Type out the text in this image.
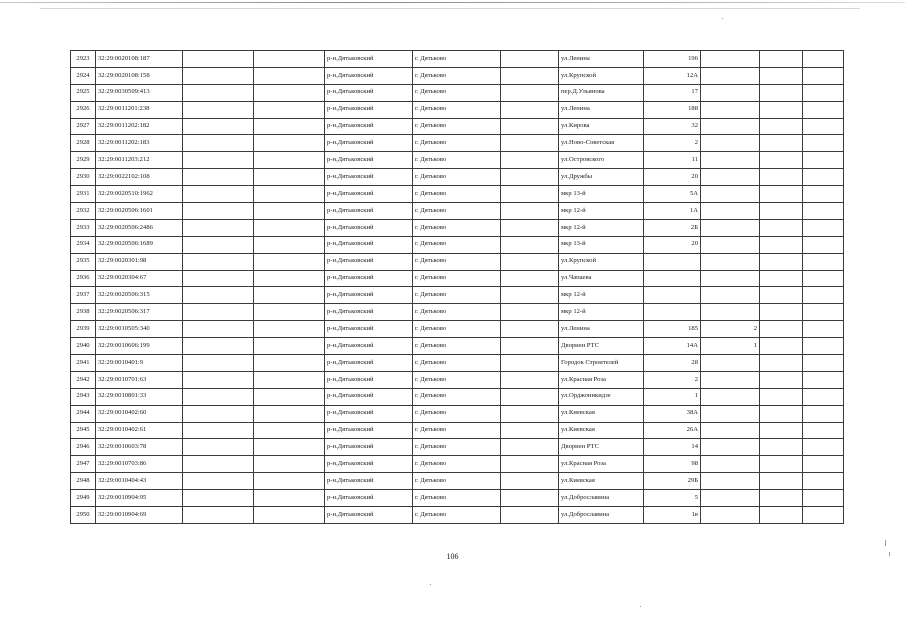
2923	32:29:0020108:187			р-н.Дятьковский	г. Дятьково		ул.Ленина	196			
2924	32:29:0020108:158			р-н.Дятьковский	г. Дятьково		ул.Крупской	12А			
2925	32:29:0030509:413			р-н.Дятьковский	г. Дятьково		пер.Д.Ульянова	17			
2926	32:29:0011201:238			р-н.Дятьковский	г. Дятьково		ул.Ленина	188			
2927	32:29:0011202:182			р-н.Дятьковский	г. Дятьково		ул.Кирова	32			
2928	32:29:0011202:183			р-н.Дятьковский	г. Дятьково		ул.Ново-Советская	2			
2929	32:29:0011203:212			р-н.Дятьковский	г. Дятьково		ул.Островского	11			
2930	32:29:0022102:108			р-н.Дятьковский	г. Дятьково		ул.Дружбы	20			
2931	32:29:0020510:1962			р-н.Дятьковский	г. Дятьково		мкр 13-й	5А			
2932	32:29:0020506:1601			р-н.Дятьковский	г. Дятьково		мкр 12-й	1А			
2933	32:29:0020506:2486			р-н.Дятьковский	г. Дятьково		мкр 12-й	2Б			
2934	32:29:0020506:1689			р-н.Дятьковский	г. Дятьково		мкр 13-й	20			
2935	32:29:0020301:98			р-н.Дятьковский	г. Дятьково		ул.Крупской				
2936	32:29:0020304:67			р-н.Дятьковский	г. Дятьково		ул.Чапаева				
2937	32:29:0020506:315			р-н.Дятьковский	г. Дятьково		мкр 12-й				
2938	32:29:0020506:317			р-н.Дятьковский	г. Дятьково		мкр 12-й				
2939	32:29:0010505:340			р-н.Дятьковский	г. Дятьково		ул.Ленина	185	2		
2940	32:29:0010606:199			р-н.Дятьковский	г. Дятьково		Двориен РТС	14А	1		
2941	32:29:0010401:9			р-н.Дятьковский	г. Дятьково		Городок Строителей	28			
2942	32:29:0010701:63			р-н.Дятьковский	г. Дятьково		ул.Красная Роза	2			
2943	32:29:0010801:33			р-н.Дятьковский	г. Дятьково		ул.Орджоникидзе	1			
2944	32:29:0010402:60			р-н.Дятьковский	г. Дятьково		ул.Киевская	38А			
2945	32:29:0010402:61			р-н.Дятьковский	г. Дятьково		ул.Киевская	26А			
2946	32:29:0010603:78			р-н.Дятьковский	г. Дятьково		Двориен РТС	14			
2947	32:29:0010703:86			р-н.Дятьковский	г. Дятьково		ул.Красная Роза	98			
2948	32:29:0010404:43			р-н.Дятьковский	г. Дятьково		ул.Киевская	29Б			
2949	32:29:0010904:95			р-н.Дятьковский	г. Дятьково		ул.Доброславина	5			
2950	32:29:0010904:69			р-н.Дятьковский	г. Дятьково		ул.Доброславина	1в			
106
